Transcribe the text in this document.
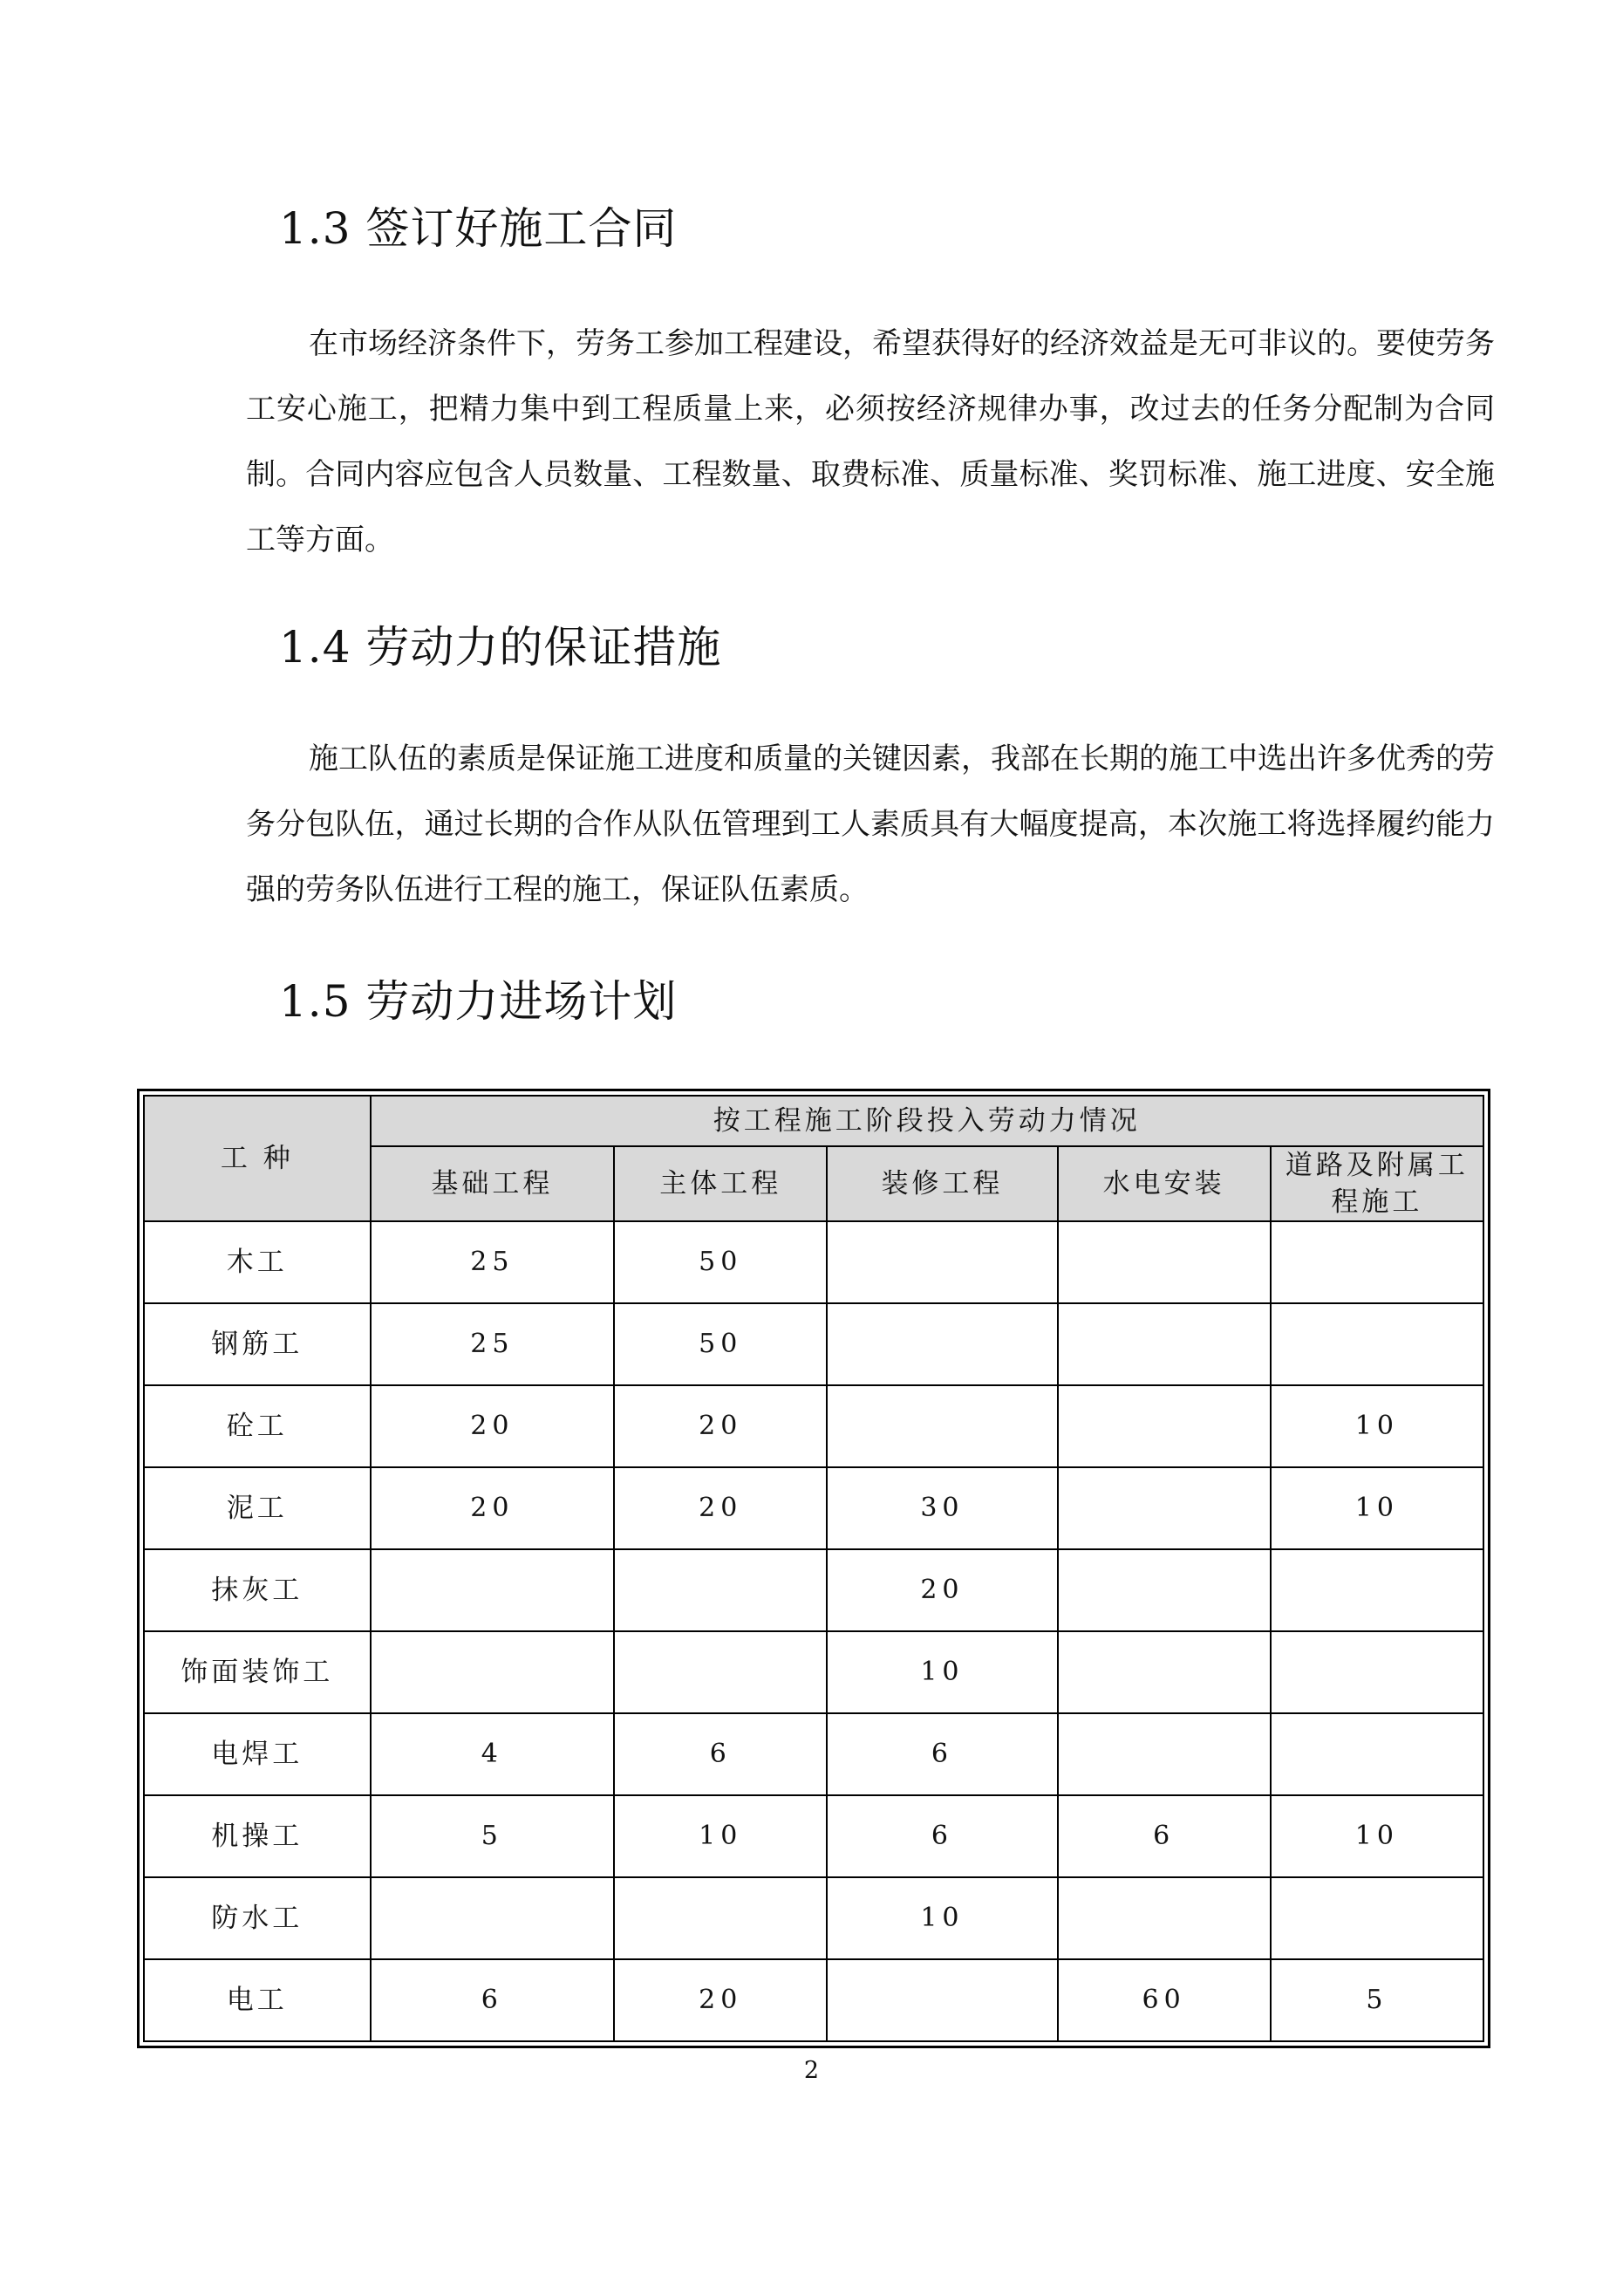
1.3 签订好施工合同

在市场经济条件下，劳务工参加工程建设，希望获得好的经济效益是无可非议的。要使劳务工安心施工，把精力集中到工程质量上来，必须按经济规律办事，改过去的任务分配制为合同制。合同内容应包含人员数量、工程数量、取费标准、质量标准、奖罚标准、施工进度、安全施工等方面。

1.4 劳动力的保证措施

施工队伍的素质是保证施工进度和质量的关键因素，我部在长期的施工中选出许多优秀的劳务分包队伍，通过长期的合作从队伍管理到工人素质具有大幅度提高，本次施工将选择履约能力强的劳务队伍进行工程的施工，保证队伍素质。

1.5 劳动力进场计划
工 种	按工程施工阶段投入劳动力情况				
	基础工程	主体工程	装修工程	水电安装	道路及附属工程施工
木工	25	50			
钢筋工	25	50			
砼工	20	20			10
泥工	20	20	30		10
抹灰工			20		
饰面装饰工			10		
电焊工	4	6	6		
机操工	5	10	6	6	10
防水工			10		
电工	6	20		60	5
2
